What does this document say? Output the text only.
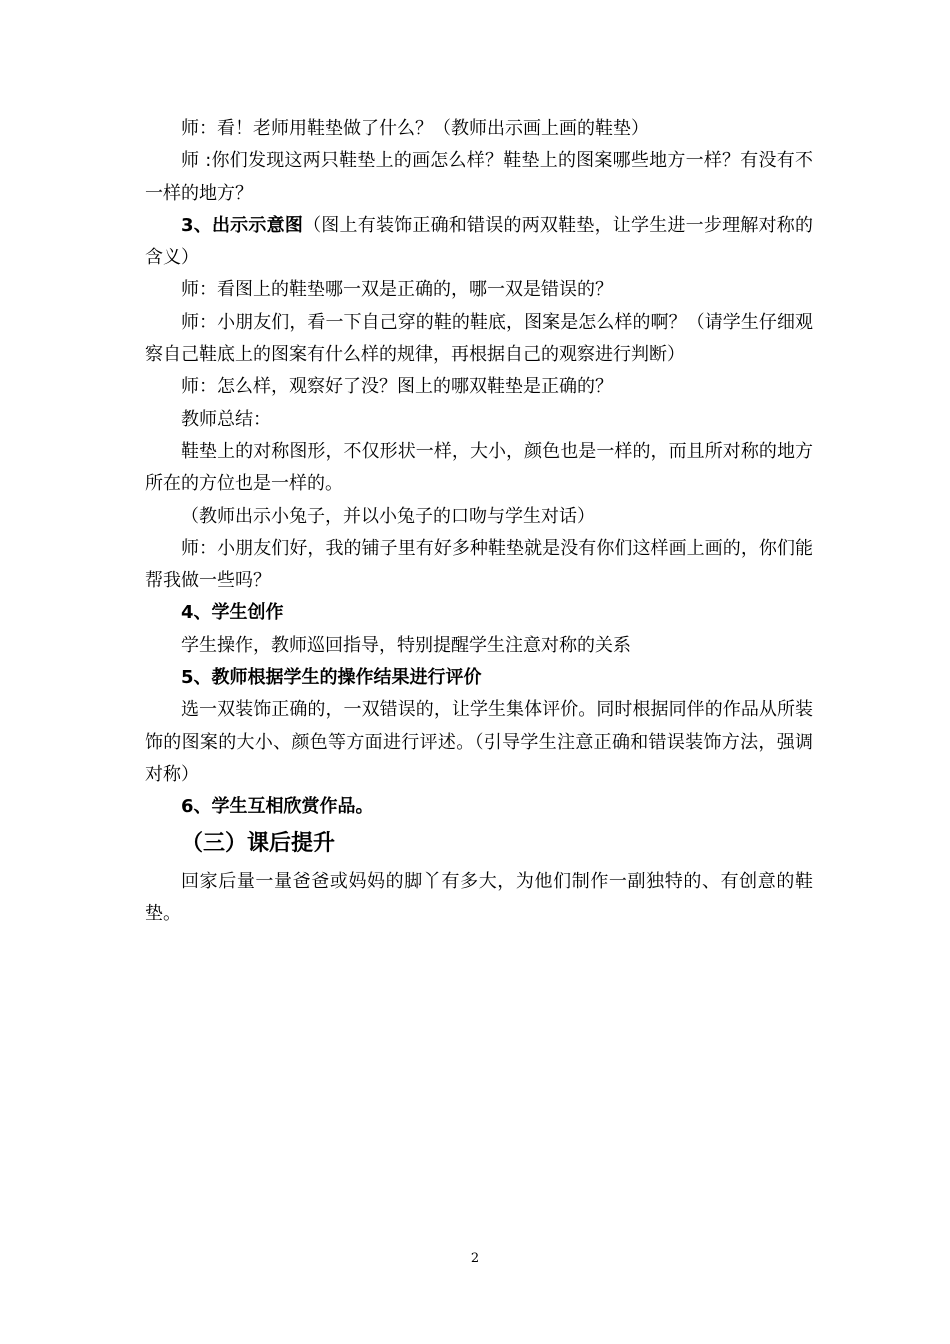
师：看！老师用鞋垫做了什么？（教师出示画上画的鞋垫）

师 :你们发现这两只鞋垫上的画怎么样？鞋垫上的图案哪些地方一样？有没有不一样的地方？

3、出示示意图（图上有装饰正确和错误的两双鞋垫，让学生进一步理解对称的含义）

师：看图上的鞋垫哪一双是正确的，哪一双是错误的？

师：小朋友们，看一下自己穿的鞋的鞋底，图案是怎么样的啊？（请学生仔细观察自己鞋底上的图案有什么样的规律，再根据自己的观察进行判断）

师：怎么样，观察好了没？图上的哪双鞋垫是正确的？

教师总结：

鞋垫上的对称图形，不仅形状一样，大小，颜色也是一样的，而且所对称的地方所在的方位也是一样的。

（教师出示小兔子，并以小兔子的口吻与学生对话）

师：小朋友们好，我的铺子里有好多种鞋垫就是没有你们这样画上画的，你们能帮我做一些吗？

4、学生创作

学生操作，教师巡回指导，特别提醒学生注意对称的关系

5、教师根据学生的操作结果进行评价

选一双装饰正确的，一双错误的，让学生集体评价。同时根据同伴的作品从所装饰的图案的大小、颜色等方面进行评述。（引导学生注意正确和错误装饰方法，强调对称）

6、学生互相欣赏作品。

（三）课后提升

回家后量一量爸爸或妈妈的脚丫有多大，为他们制作一副独特的、有创意的鞋垫。

2
